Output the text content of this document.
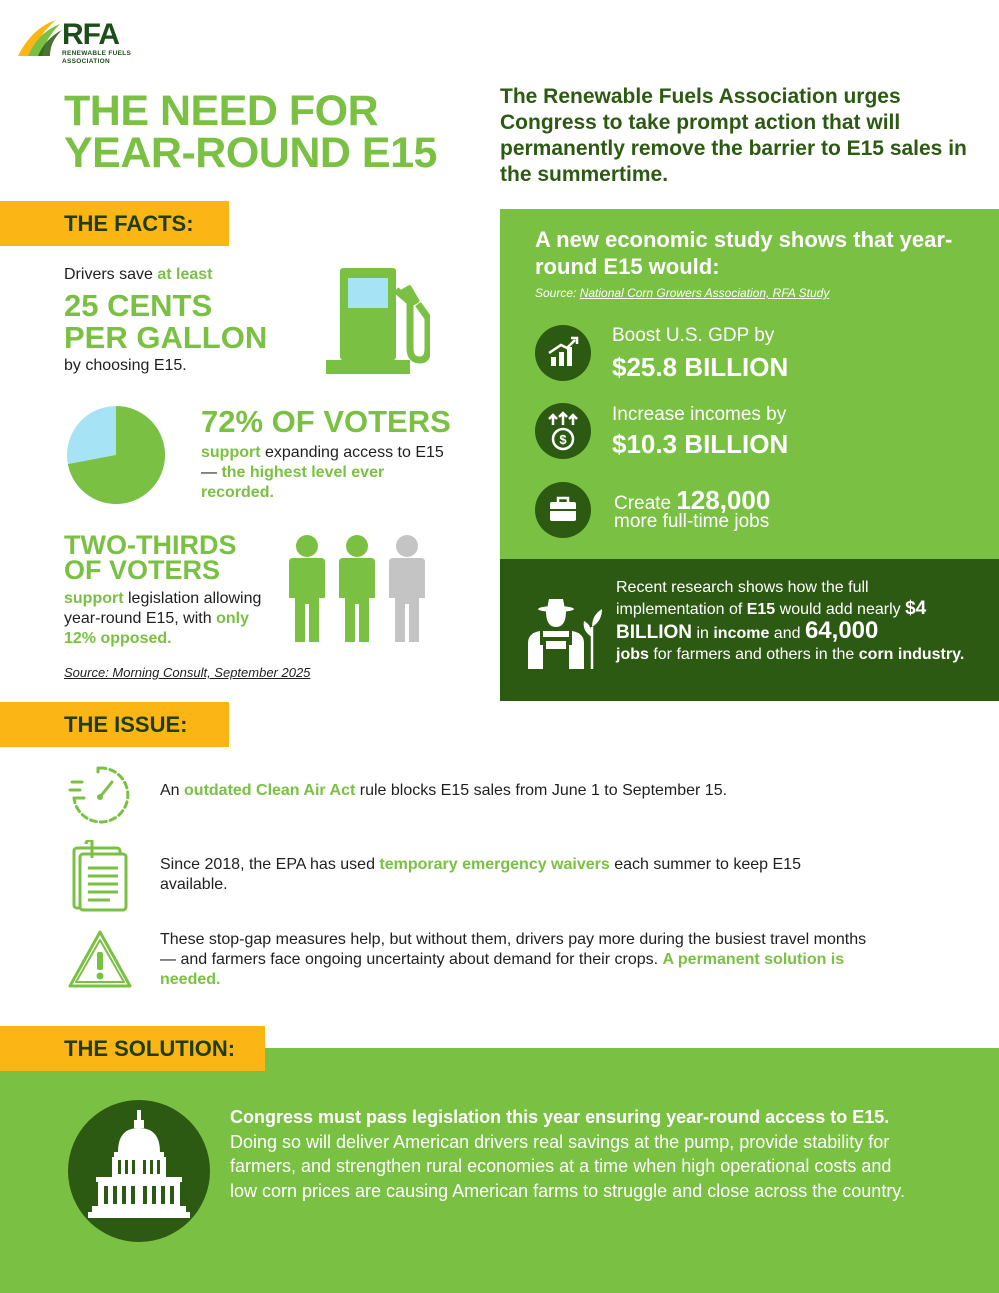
RFA
RENEWABLE FUELS
ASSOCIATION
THE NEED FOR
YEAR-ROUND E15
The Renewable Fuels Association urges Congress to take prompt action that will permanently remove the barrier to E15 sales in the summertime.
THE FACTS:
Drivers save at least
25 CENTS
PER GALLON
by choosing E15.
72% OF VOTERS
support expanding access to E15 — the highest level ever recorded.
TWO-THIRDS
OF VOTERS
support legislation allowing year-round E15, with only 12% opposed.
Source: Morning Consult, September 2025
A new economic study shows that year-round E15 would:
Source: National Corn Growers Association, RFA Study
Boost U.S. GDP by
$25.8 BILLION
$
Increase incomes by
$10.3 BILLION
Create 128,000
more full-time jobs
Recent research shows how the full implementation of E15 would add nearly $4 BILLION in income and 64,000
jobs for farmers and others in the corn industry.
THE ISSUE:
An outdated Clean Air Act rule blocks E15 sales from June 1 to September 15.
Since 2018, the EPA has used temporary emergency waivers each summer to keep E15 available.
These stop-gap measures help, but without them, drivers pay more during the busiest travel months — and farmers face ongoing uncertainty about demand for their crops. A permanent solution is needed.
THE SOLUTION:
Congress must pass legislation this year ensuring year-round access to E15. Doing so will deliver American drivers real savings at the pump, provide stability for farmers, and strengthen rural economies at a time when high operational costs and low corn prices are causing American farms to struggle and close across the country.
